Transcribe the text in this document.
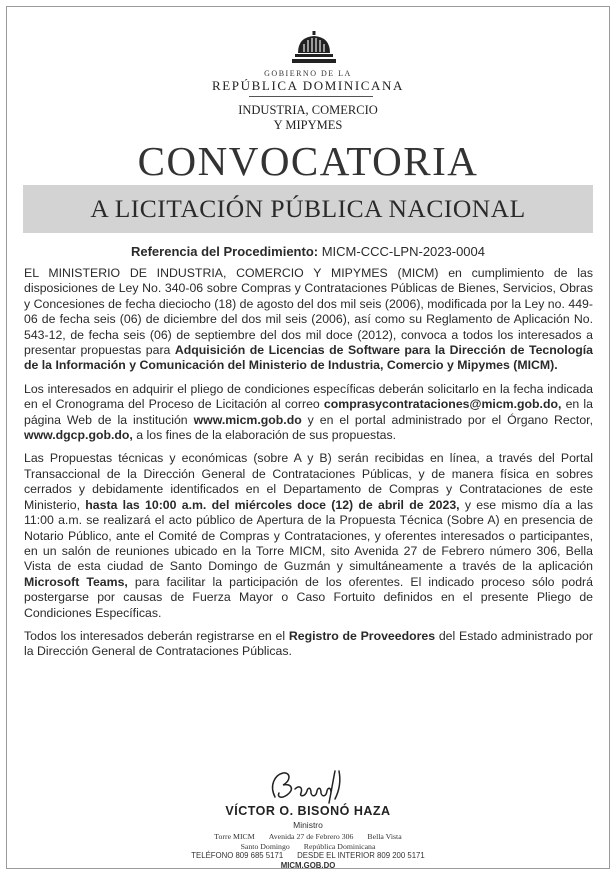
GOBIERNO DE LA
REPÚBLICA DOMINICANA
INDUSTRIA, COMERCIO
Y MIPYMES
CONVOCATORIA
A LICITACIÓN PÚBLICA NACIONAL
Referencia del Procedimiento: MICM-CCC-LPN-2023-0004

EL MINISTERIO DE INDUSTRIA, COMERCIO Y MIPYMES (MICM) en cumplimiento de las disposiciones de Ley No. 340-06 sobre Compras y Contrataciones Públicas de Bienes, Servicios, Obras y Concesiones de fecha dieciocho (18) de agosto del dos mil seis (2006), modificada por la Ley no. 449-06 de fecha seis (06) de diciembre del dos mil seis (2006), así como su Reglamento de Aplicación No. 543-12, de fecha seis (06) de septiembre del dos mil doce (2012), convoca a todos los interesados a presentar propuestas para Adquisición de Licencias de Software para la Dirección de Tecnología de la Información y Comunicación del Ministerio de Industria, Comercio y Mipymes (MICM).

Los interesados en adquirir el pliego de condiciones específicas deberán solicitarlo en la fecha indicada en el Cronograma del Proceso de Licitación al correo comprasycontrataciones@micm.gob.do, en la página Web de la institución www.micm.gob.do y en el portal administrado por el Órgano Rector, www.dgcp.gob.do, a los fines de la elaboración de sus propuestas.

Las Propuestas técnicas y económicas (sobre A y B) serán recibidas en línea, a través del Portal Transaccional de la Dirección General de Contrataciones Públicas, y de manera física en sobres cerrados y debidamente identificados en el Departamento de Compras y Contrataciones de este Ministerio, hasta las 10:00 a.m. del miércoles doce (12) de abril de 2023, y ese mismo día a las 11:00 a.m. se realizará el acto público de Apertura de la Propuesta Técnica (Sobre A) en presencia de Notario Público, ante el Comité de Compras y Contrataciones, y oferentes interesados o participantes, en un salón de reuniones ubicado en la Torre MICM, sito Avenida 27 de Febrero número 306, Bella Vista de esta ciudad de Santo Domingo de Guzmán y simultáneamente a través de la aplicación Microsoft Teams, para facilitar la participación de los oferentes. El indicado proceso sólo podrá postergarse por causas de Fuerza Mayor o Caso Fortuito definidos en el presente Pliego de Condiciones Específicas.

Todos los interesados deberán registrarse en el Registro de Proveedores del Estado administrado por la Dirección General de Contrataciones Públicas.

VÍCTOR O. BISONÓ HAZA
Ministro
Torre MICM Avenida 27 de Febrero 306 Bella Vista
Santo Domingo República Dominicana
TELÉFONO 809 685 5171 DESDE EL INTERIOR 809 200 5171
MICM.GOB.DO
